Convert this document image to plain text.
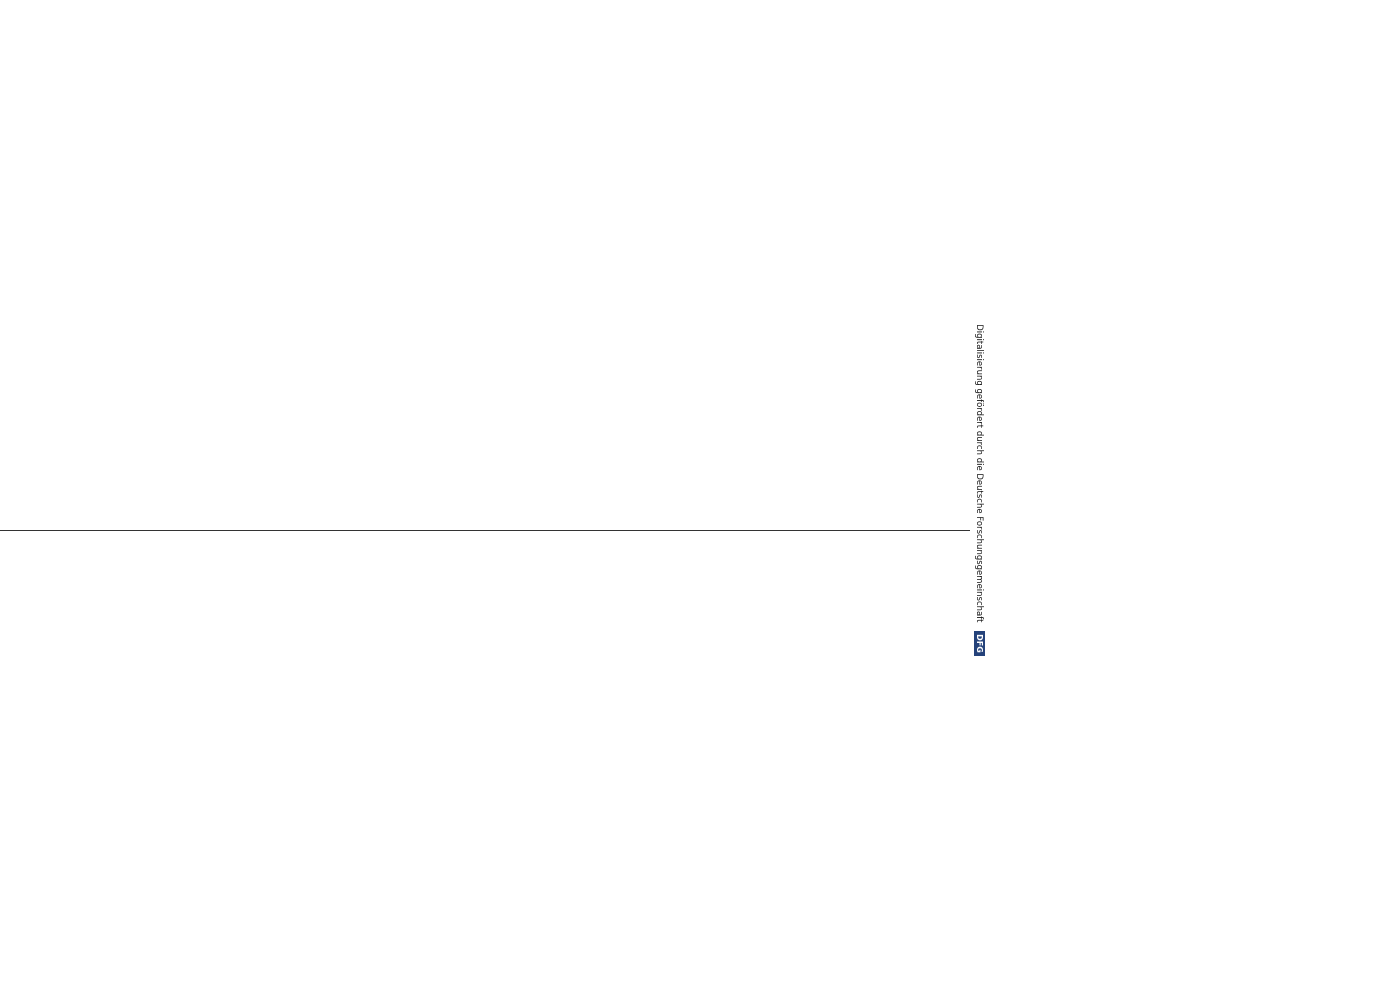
Digitalisierung gefördert durch die Deutsche Forschungsgemeinschaft DFG
